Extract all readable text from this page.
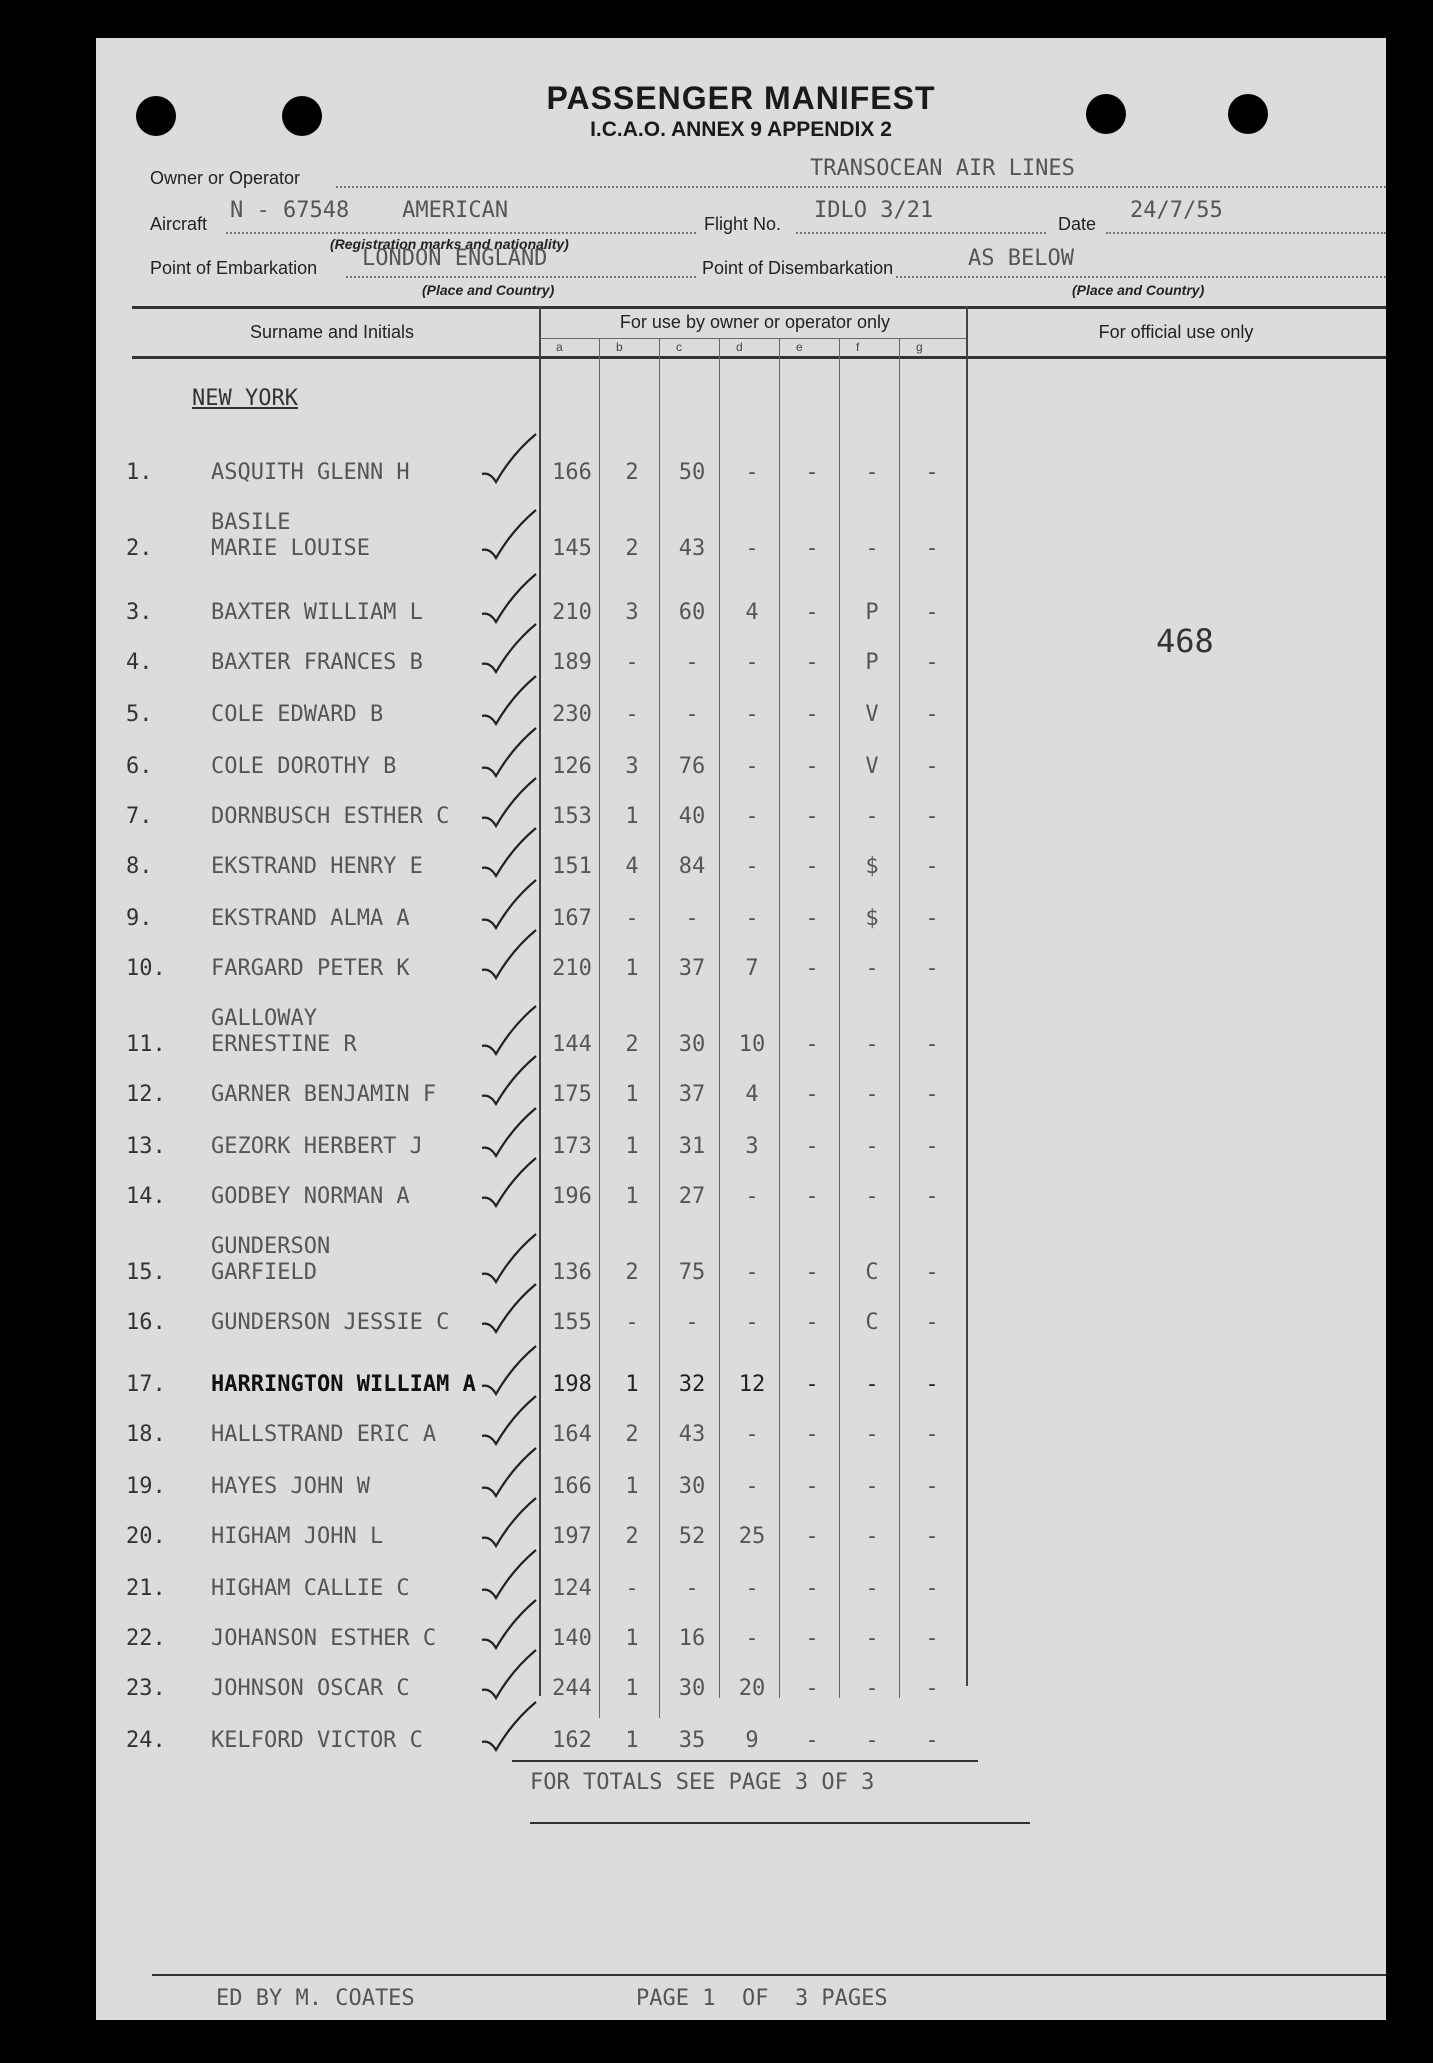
PASSENGER MANIFEST
I.C.A.O. ANNEX 9 APPENDIX 2
Owner or Operator	TRANSOCEAN AIR LINES
Aircraft
N - 67548    AMERICAN
(Registration marks and nationality)
Flight No.
IDLO 3/21
Date
24/7/55
Point of Embarkation LONDON ENGLAND
(Place and Country)
Point of Disembarkation	AS BELOW
(Place and Country)
Surname and Initials	For use by owner or operator only	For official use only
a	b	c	d	e	f	g
NEW YORK
468
1.	ASQUITH GLENN H	166	2	50	-	-	-	-
2.
BASILE
MARIE LOUISE	145	2	43	-	-	-	-
3.	BAXTER WILLIAM L	210	3	60	4	-	P	-
4.	BAXTER FRANCES B	189	-	-	-	-	P	-
5.	COLE EDWARD B	230	-	-	-	-	V	-
6.	COLE DOROTHY B	126	3	76	-	-	V	-
7.	DORNBUSCH ESTHER C	153	1	40	-	-	-	-
8.	EKSTRAND HENRY E	151	4	84	-	-	$	-
9.	EKSTRAND ALMA A	167	-	-	-	-	$	-
10. FARGARD PETER K	210	1	37	7	-	-	-
11.
GALLOWAY
ERNESTINE R	144	2	30	10	-	-	-
12. GARNER BENJAMIN F	175	1	37	4	-	-	-
13. GEZORK HERBERT J	173	1	31	3	-	-	-
14. GODBEY NORMAN A	196	1	27	-	-	-	-
15.
GUNDERSON
GARFIELD	136	2	75	-	-	C	-
16. GUNDERSON JESSIE C	155	-	-	-	-	C	-
17. HARRINGTON WILLIAM A	198	1	32	12	-	-	-
18. HALLSTRAND ERIC A	164	2	43	-	-	-	-
19. HAYES JOHN W	166	1	30	-	-	-	-
20. HIGHAM JOHN L	197	2	52	25	-	-	-
21. HIGHAM CALLIE C	124	-	-	-	-	-	-
22. JOHANSON ESTHER C	140	1	16	-	-	-	-
23. JOHNSON OSCAR C	244	1	30	20	-	-	-
24. KELFORD VICTOR C	162	1	35	9	-	-	-
FOR TOTALS SEE PAGE 3 OF 3
ED BY M. COATES	PAGE 1  OF  3 PAGES
